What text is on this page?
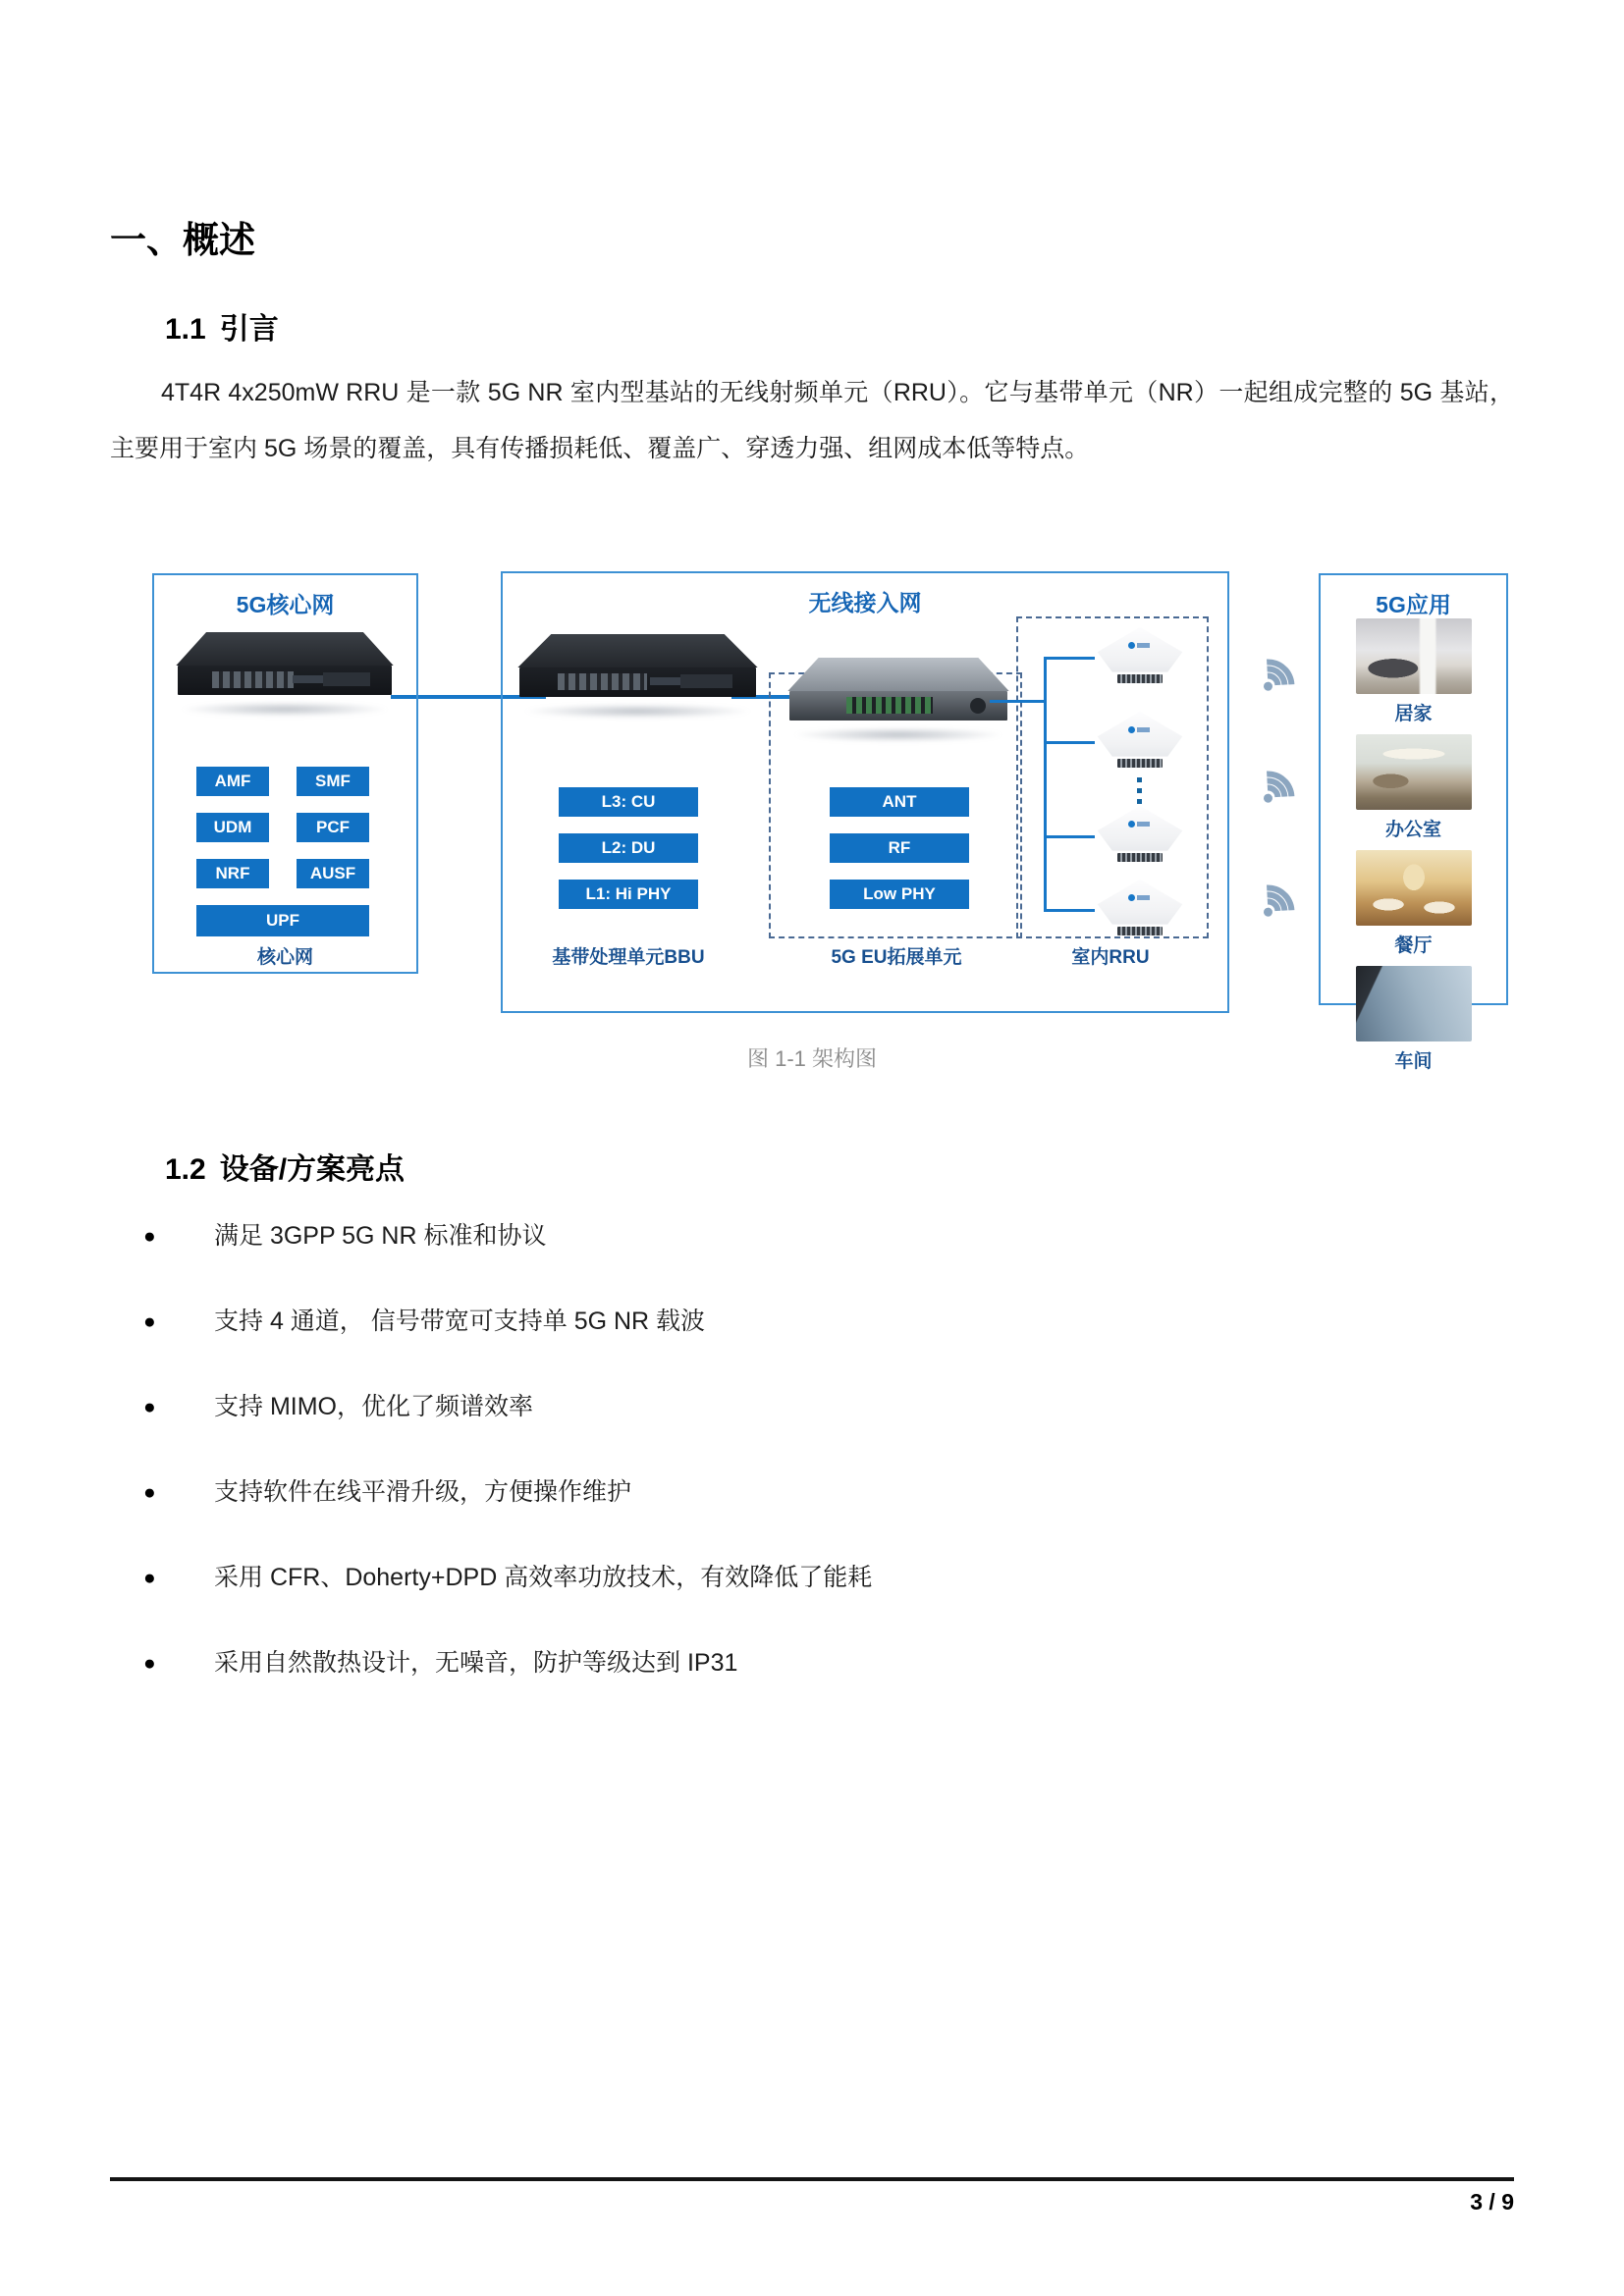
一、概述
1.1 引言
4T4R 4x250mW RRU 是一款 5G NR 室内型基站的无线射频单元（RRU）。它与基带单元（NR）一起组成完整的 5G 基站，主要用于室内 5G 场景的覆盖，具有传播损耗低、覆盖广、穿透力强、组网成本低等特点。
5G核心网
AMF	SMF
UDM	PCF
NRF	AUSF
UPF
核心网
无线接入网
L3: CU
L2: DU
L1: Hi PHY
基带处理单元BBU
ANT
RF
Low PHY
5G EU拓展单元	室内RRU
5G应用
居家
办公室
餐厅
车间
图 1-1 架构图
1.2 设备/方案亮点
● 满足 3GPP 5G NR 标准和协议
● 支持 4 通道， 信号带宽可支持单 5G NR 载波
● 支持 MIMO，优化了频谱效率
● 支持软件在线平滑升级，方便操作维护
● 采用 CFR、Doherty+DPD 高效率功放技术，有效降低了能耗
● 采用自然散热设计，无噪音，防护等级达到 IP31
3 / 9
